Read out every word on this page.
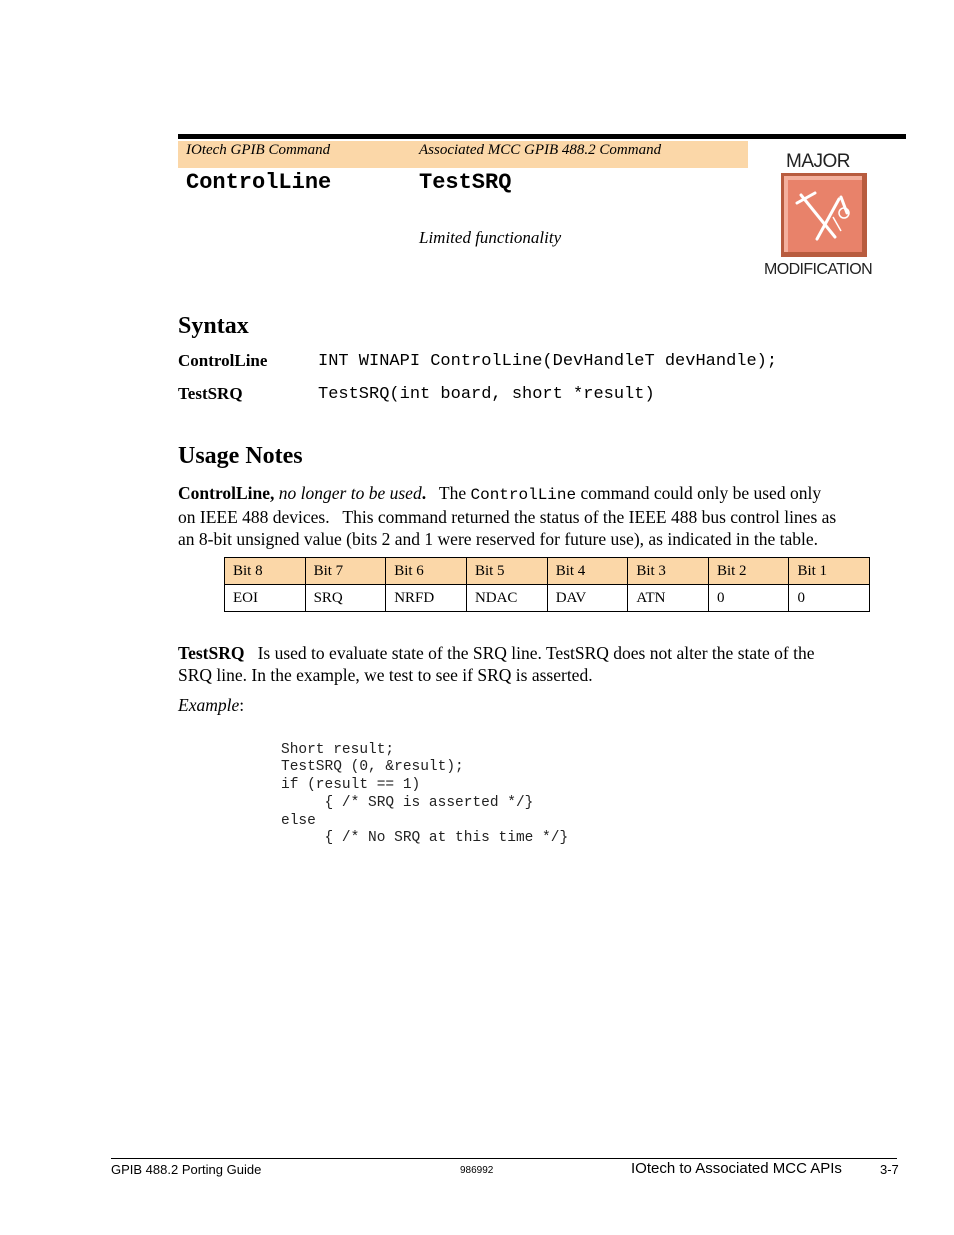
IOtech GPIB Command	Associated MCC GPIB 488.2 Command
ControlLine	TestSRQ
Limited functionality
MAJOR
MODIFICATION
Syntax
ControlLine	INT WINAPI ControlLine(DevHandleT devHandle);
TestSRQ	TestSRQ(int board, short *result)
Usage Notes
ControlLine, no longer to be used. The ControlLine command could only be used only
on IEEE 488 devices.   This command returned the status of the IEEE 488 bus control lines as
an 8-bit unsigned value (bits 2 and 1 were reserved for future use), as indicated in the table.
Bit 8	Bit 7	Bit 6	Bit 5	Bit 4	Bit 3	Bit 2	Bit 1
EOI	SRQ	NRFD	NDAC	DAV	ATN	0	0
TestSRQ Is used to evaluate state of the SRQ line. TestSRQ does not alter the state of the
SRQ line. In the example, we test to see if SRQ is asserted.
Example:

Short result;
TestSRQ (0, &result);
if (result == 1)
{ /* SRQ is asserted */}
else
{ /* No SRQ at this time */}

GPIB 488.2 Porting Guide	986992	IOtech to Associated MCC APIs	3-7
